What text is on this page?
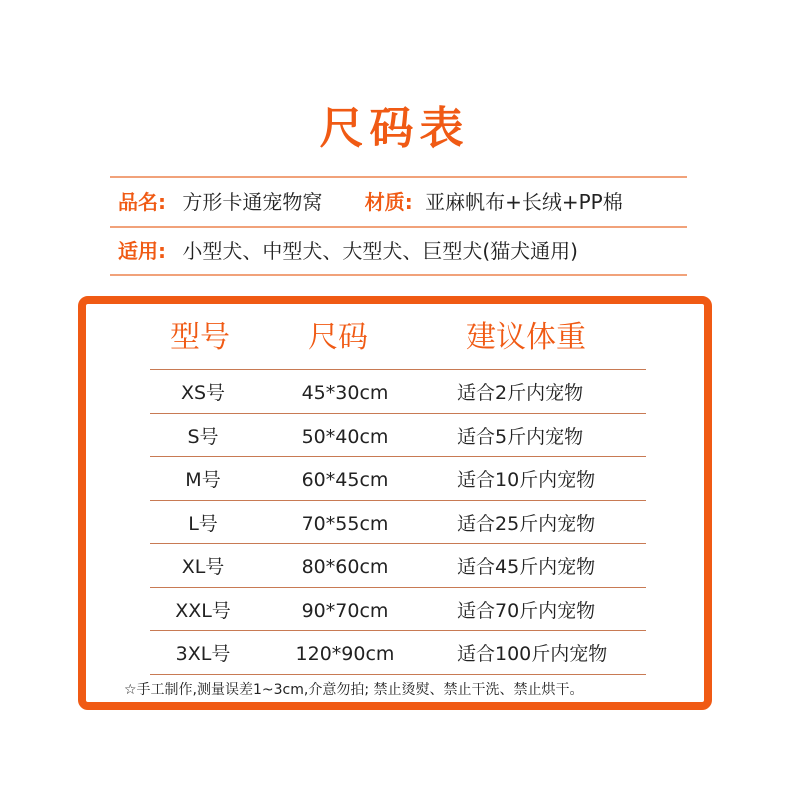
尺码表
品名: 方形卡通宠物窝 材质: 亚麻帆布+长绒+PP棉
适用: 小型犬、中型犬、大型犬、巨型犬(猫犬通用)
型号	尺码	建议体重
XS号	45*30cm	适合2斤内宠物
S号	50*40cm	适合5斤内宠物
M号	60*45cm	适合10斤内宠物
L号	70*55cm	适合25斤内宠物
XL号	80*60cm	适合45斤内宠物
XXL号	90*70cm	适合70斤内宠物
3XL号	120*90cm	适合100斤内宠物
☆手工制作,测量误差1~3cm,介意勿拍; 禁止烫熨、禁止干洗、禁止烘干。
